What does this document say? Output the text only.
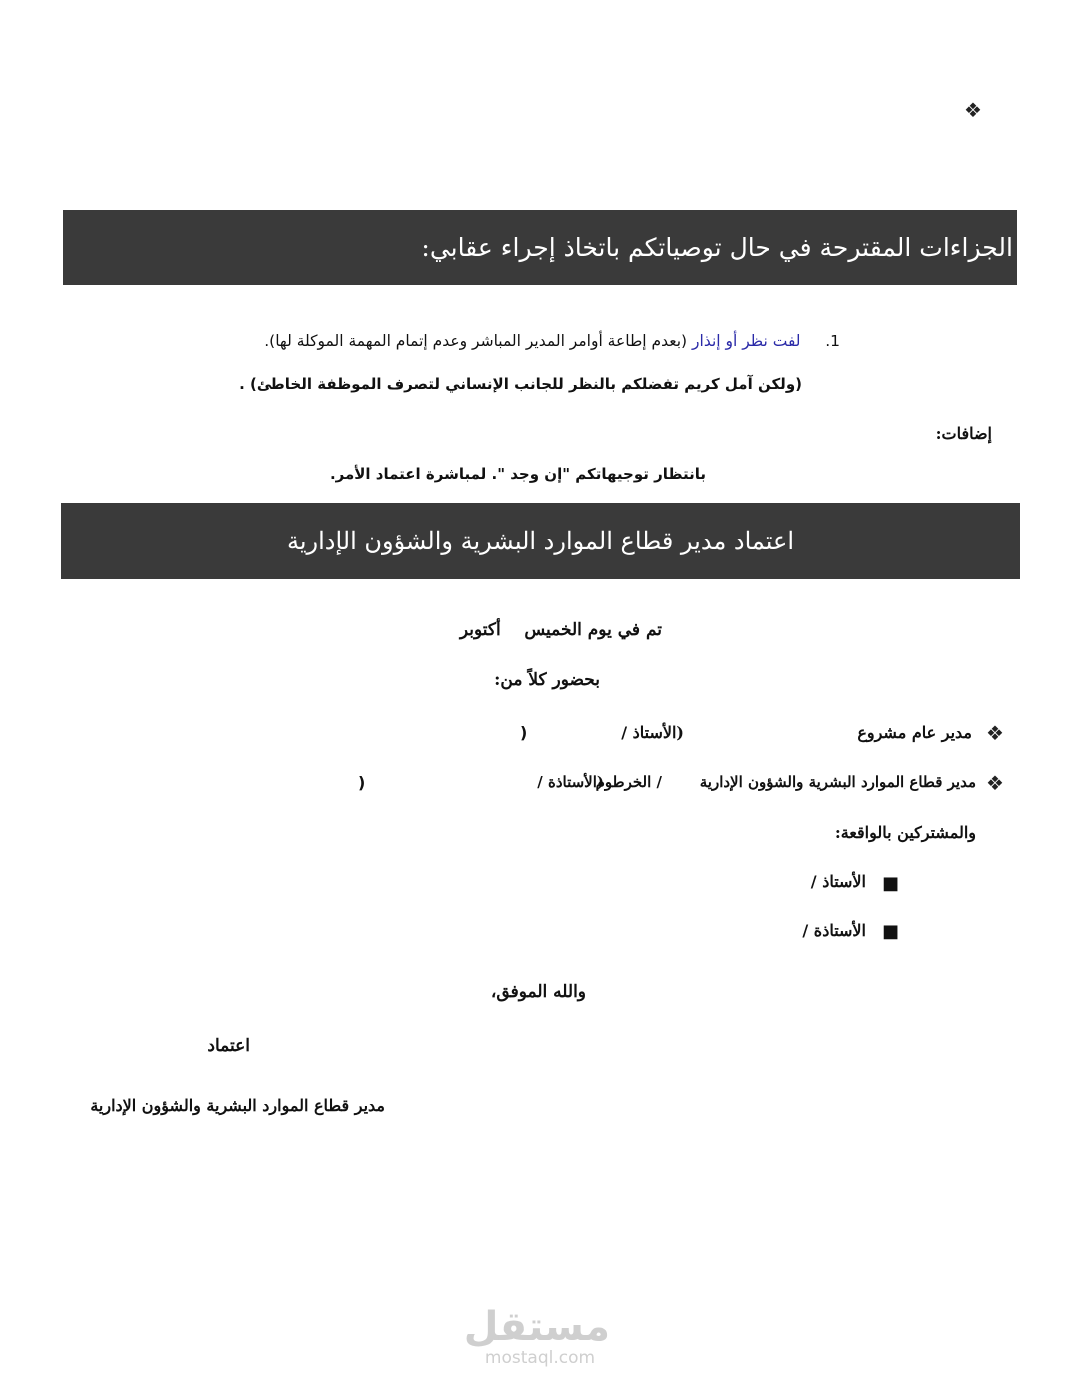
❖
الجزاءات المقترحة في حال توصياتكم باتخاذ إجراء عقابي:
1.     لفت نظر أو إنذار (بعدم إطاعة أوامر المدير المباشر وعدم إتمام المهمة الموكلة لها).
(ولكن آمل كريم تفضلكم بالنظر للجانب الإنساني لتصرف الموظفة الخاطئ) .
إضافات:
بانتظار توجيهاتكم "إن وجد ". لمباشرة اعتماد الأمر.
اعتماد مدير قطاع الموارد البشرية والشؤون الإدارية
تم في يوم الخميس    أكتوبر
بحضور كلاً من:
❖
مدير عام مشروع
(الأستاذ /
)
❖
مدير قطاع الموارد البشرية والشؤون الإدارية
/ الخرطوم
(الأستاذة /
)
والمشتركين بالواقعة:
■
الأستاذ /
■
الأستاذة /
والله الموفق،
اعتماد
مدير قطاع الموارد البشرية والشؤون الإدارية
مستقل
mostaql.com
